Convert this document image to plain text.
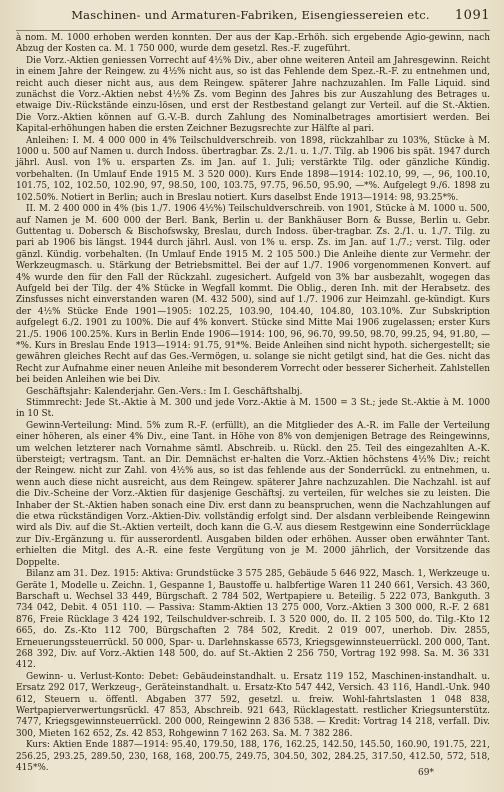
Maschinen- und Armaturen-Fabriken, Eisengiessereien etc.	1091

à nom. M. 1000 erhoben werden konnten. Der aus der Kap.-Erhöh. sich ergebende Agio-gewinn, nach Abzug der Kosten ca. M. 1 750 000, wurde dem gesetzl. Res.-F. zugeführt.

Die Vorz.-Aktien geniessen Vorrecht auf 4½% Div., aber ohne weiteren Anteil am Jahresgewinn. Reicht in einem Jahre der Reingew. zu 4½% nicht aus, so ist das Fehlende dem Spez.-R.-F. zu entnehmen und, reicht auch dieser nicht aus, aus dem Reingew. späterer Jahre nachzuzahlen. Im Falle Liquid. sind zunächst die Vorz.-Aktien nebst 4½% Zs. vom Beginn des Jahres bis zur Auszahlung des Betrages u. etwaige Div.-Rückstände einzu-lösen, und erst der Restbestand gelangt zur Verteil. auf die St.-Aktien. Die Vorz.-Aktien können auf G.-V.-B. durch Zahlung des Nominalbetrages amortisiert werden. Bei Kapital-erhöhungen haben die ersten Zeichner Bezugsrechte zur Hälfte al pari.

Anleihen: I. M. 4 000 000 in 4% Teilschuldverschreib. von 1898, rückzahlbar zu 103%, Stücke à M. 1000 u. 500 auf Namen u. durch Indoss. übertragbar. Zs. 2./1. u. 1./7. Tilg. ab 1906 bis spät. 1947 durch jährl. Ausl. von 1% u. ersparten Zs. im Jan. auf 1. Juli; verstärkte Tilg. oder gänzliche Kündig. vorbehalten. (In Umlauf Ende 1915 M. 3 520 000). Kurs Ende 1898—1914: 102.10, 99, —, 96, 100.10, 101.75, 102, 102.50, 102.90, 97, 98.50, 100, 103.75, 97.75, 96.50, 95.90, —*%. Aufgelegt 9./6. 1898 zu 102.50%. Notiert in Berlin; auch in Breslau notiert. Kurs daselbst Ende 1913—1914: 98, 93.25*%.

II. M. 2 400 000 in 4% (bis 1./7. 1906 4½%) Teilschuldverschreib. von 1901, Stücke à M. 1000 u. 500, auf Namen je M. 600 000 der Berl. Bank, Berlin u. der Bankhäuser Born & Busse, Berlin u. Gebr. Guttentag u. Dobersch & Bischofswsky, Breslau, durch Indoss. über-tragbar. Zs. 2./1. u. 1./7. Tilg. zu pari ab 1906 bis längst. 1944 durch jährl. Ausl. von 1% u. ersp. Zs. im Jan. auf 1./7.; verst. Tilg. oder gänzl. Kündig. vorbehalten. (In Umlauf Ende 1915 M. 2 105 500.) Die Anleihe diente zur Vermehr. der Werkzeugmasch. u. Stärkung der Betriebsmittel. Bei der auf 1./7. 1906 vorgenommenen Konvert. auf 4% wurde den für den Fall der Rückzahl. zugesichert. Aufgeld von 3% bar ausbezahlt, wogegen das Aufgeld bei der Tilg. der 4% Stücke in Wegfall kommt. Die Oblig., deren Inh. mit der Herabsetz. des Zinsfusses nicht einverstanden waren (M. 432 500), sind auf 1./7. 1906 zur Heimzahl. ge-kündigt. Kurs der 4½% Stücke Ende 1901—1905: 102.25, 103.90, 104.40, 104.80, 103.10%. Zur Subskription aufgelegt 6./2. 1901 zu 100%. Die auf 4% konvert. Stücke sind Mitte Mai 1906 zugelassen; erster Kurs 21./5. 1906 100.25%. Kurs in Berlin Ende 1906—1914: 100, 96, 96.70, 99.50, 98.70, 99.25, 94, 91.80, —*%. Kurs in Breslau Ende 1913—1914: 91.75, 91*%. Beide Anleihen sind nicht hypoth. sichergestellt; sie gewähren gleiches Recht auf das Ges.-Vermögen, u. solange sie nicht getilgt sind, hat die Ges. nicht das Recht zur Aufnahme einer neuen Anleihe mit besonderem Vorrecht oder besserer Sicherheit. Zahlstellen bei beiden Anleihen wie bei Div.

Geschäftsjahr: Kalenderjahr. Gen.-Vers.: Im I. Geschäftshalbj.

Stimmrecht: Jede St.-Aktie à M. 300 und jede Vorz.-Aktie à M. 1500 = 3 St.; jede St.-Aktie à M. 1000 in 10 St.

Gewinn-Verteilung: Mind. 5% zum R.-F. (erfüllt), an die Mitglieder des A.-R. im Falle der Verteilung einer höheren, als einer 4% Div., eine Tant. in Höhe von 8% von demjenigen Betrage des Reingewinns, um welchen letzterer nach Vornahme sämtl. Abschreib. u. Rückl. den 25. Teil des eingezahlten A.-K. übersteigt; vertragsm. Tant. an Dir. Demnächst er-halten die Vorz.-Aktien höchstens 4½% Div.; reicht der Reingew. nicht zur Zahl. von 4½% aus, so ist das fehlende aus der Sonderrückl. zu entnehmen, u. wenn auch diese nicht ausreicht, aus dem Reingew. späterer Jahre nachzuzahlen. Die Nachzahl. ist auf die Div.-Scheine der Vorz.-Aktien für dasjenige Geschäftsj. zu verteilen, für welches sie zu leisten. Die Inhaber der St.-Aktien haben sonach eine Div. erst dann zu beanspruchen, wenn die Nachzahlungen auf die etwa rückständigen Vorz.-Aktien-Div. vollständig erfolgt sind. Der alsdann verbleibende Reingewinn wird als Div. auf die St.-Aktien verteilt, doch kann die G.-V. aus diesem Restgewinn eine Sonderrücklage zur Div.-Ergänzung u. für ausserordentl. Ausgaben bilden oder erhöhen. Ausser oben erwähnter Tant. erhielten die Mitgl. des A.-R. eine feste Vergütung von je M. 2000 jährlich, der Vorsitzende das Doppelte.

Bilanz am 31. Dez. 1915: Aktiva: Grundstücke 3 575 285, Gebäude 5 646 922, Masch. 1, Werkzeuge u. Geräte 1, Modelle u. Zeichn. 1, Gespanne 1, Baustoffe u. halbfertige Waren 11 240 661, Versich. 43 360, Barschaft u. Wechsel 33 449, Bürgschaft. 2 784 502, Wertpapiere u. Beteilig. 5 222 073, Bankguth. 3 734 042, Debit. 4 051 110. — Passiva: Stamm-Aktien 13 275 000, Vorz.-Aktien 3 300 000, R.-F. 2 681 876, Freie Rücklage 3 424 192, Teilschuldver-schreib. I. 3 520 000, do. II. 2 105 500, do. Tilg.-Kto 12 665, do. Zs.-Kto 112 700, Bürgschaften 2 784 502, Kredit. 2 019 007, unerhob. Div. 2855, Erneuerungssteuerrückl. 50 000, Spar- u. Darlehnskasse 6573, Kriegsgewinnsteuerrückl. 200 000, Tant. 268 392, Div. auf Vorz.-Aktien 148 500, do. auf St.-Aktien 2 256 750, Vortrag 192 998. Sa. M. 36 331 412.

Gewinn- u. Verlust-Konto: Debet: Gebäudeinstandhalt. u. Ersatz 119 152, Maschinen-instandhalt. u. Ersatz 292 017, Werkzeug-, Geräteinstandhalt. u. Ersatz-Kto 547 442, Versich. 43 116, Handl.-Unk. 940 612, Steuern u. öffentl. Abgaben 377 592, gesetzl. u. freiw. Wohl-fahrtslasten 1 048 838, Wertpapierverwertungsrückl. 47 853, Abschreib. 921 643, Rücklagestatt. restlicher Kriegsunterstütz. 7477, Kriegsgewinnsteuerrückl. 200 000, Reingewinn 2 836 538. — Kredit: Vortrag 14 218, verfall. Div. 300, Mieten 162 652, Zs. 42 853, Rohgewinn 7 162 263. Sa. M. 7 382 286.

Kurs: Aktien Ende 1887—1914: 95.40, 179.50, 188, 176, 162.25, 142.50, 145.50, 160.90, 191.75, 221, 256.25, 293.25, 289.50, 230, 168, 168, 200.75, 249.75, 304.50, 302, 284.25, 317.50, 412.50, 572, 518, 415*%.	69*
